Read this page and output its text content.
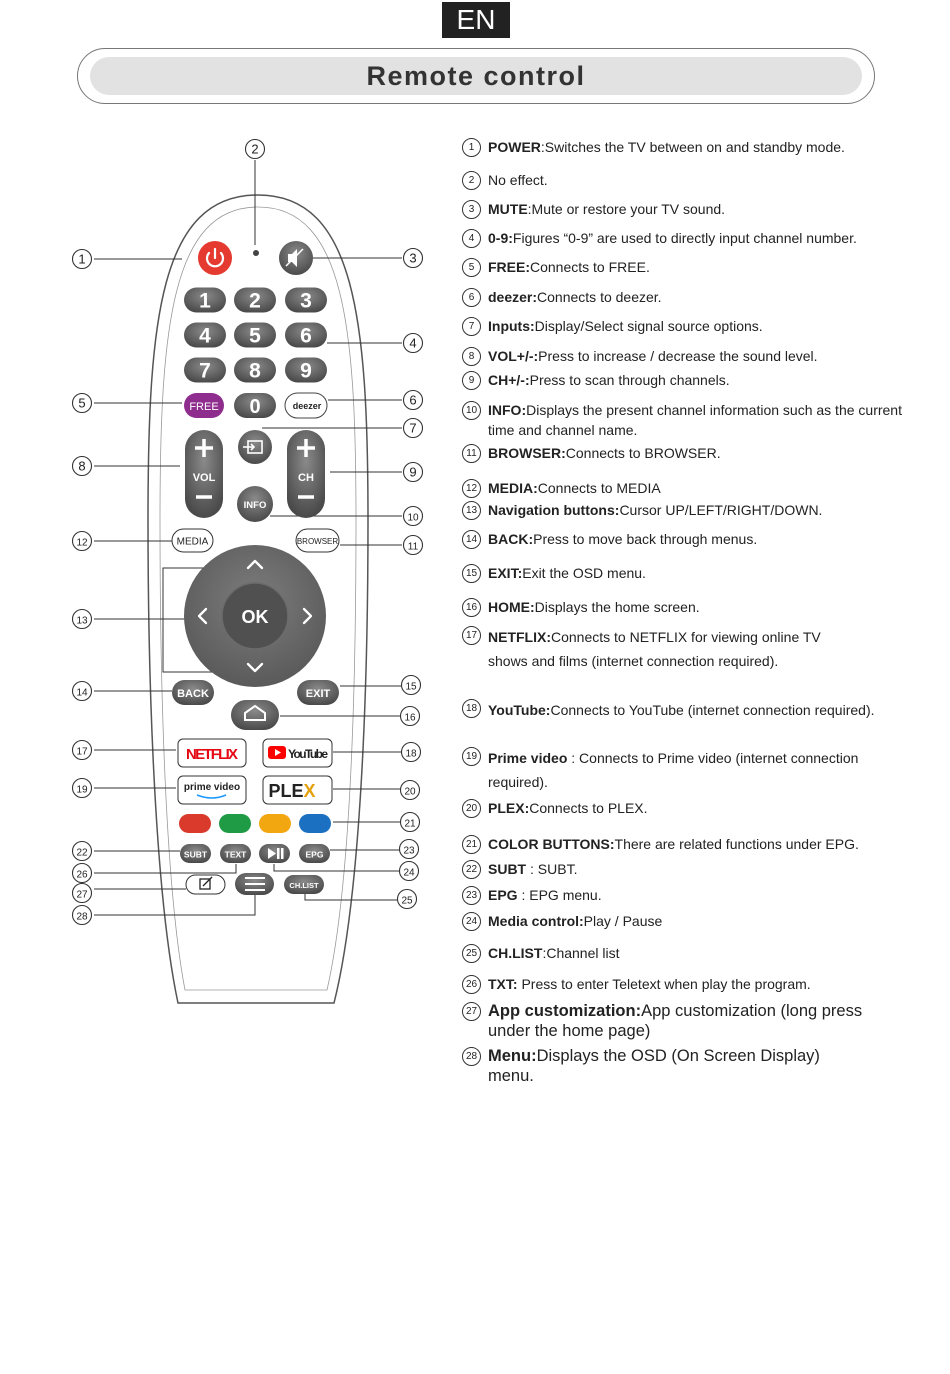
EN
Remote control
1
2
3
4
5	6
7
8	9
10
11
12
13
14
15
16
17	18
19	20
21
22	23
24
25
26
27
28
1 2 3
4 5 6
7 8 9
FREE 0	deezer
VOL	CH
INFO
MEDIA	BROWSER
OK
BACK	EXIT
NETFLIX	YouTube
prime video PLEX
SUBT TEXT	EPG
CH.LIST
1 POWER:Switches the TV between on and standby mode.
2 No effect.
3 MUTE:Mute or restore your TV sound.
4 0-9:Figures “0-9” are used to directly input channel number.
5 FREE:Connects to FREE.
6 deezer:Connects to deezer.
7 Inputs:Display/Select signal source options.
8 VOL+/-:Press to increase / decrease the sound level.
9 CH+/-:Press to scan through channels.
10 INFO:Displays the present channel information such as the current time and channel name.
11 BROWSER:Connects to BROWSER.
12 MEDIA:Connects to MEDIA
13 Navigation buttons:Cursor UP/LEFT/RIGHT/DOWN.
14 BACK:Press to move back through menus.
15 EXIT:Exit the OSD menu.
16 HOME:Displays the home screen.
17 NETFLIX:Connects to NETFLIX for viewing online TV shows and films (internet connection required).
18 YouTube:Connects to YouTube (internet connection required).
19 Prime video : Connects to Prime video (internet connection required).
20 PLEX:Connects to PLEX.
21 COLOR BUTTONS:There are related functions under EPG.
22 SUBT : SUBT.
23 EPG : EPG menu.
24 Media control:Play / Pause
25 CH.LIST:Channel list
26 TXT: Press to enter Teletext when play the program.
27 App customization:App customization (long press under the home page)
28 Menu:Displays the OSD (On Screen Display) menu.
